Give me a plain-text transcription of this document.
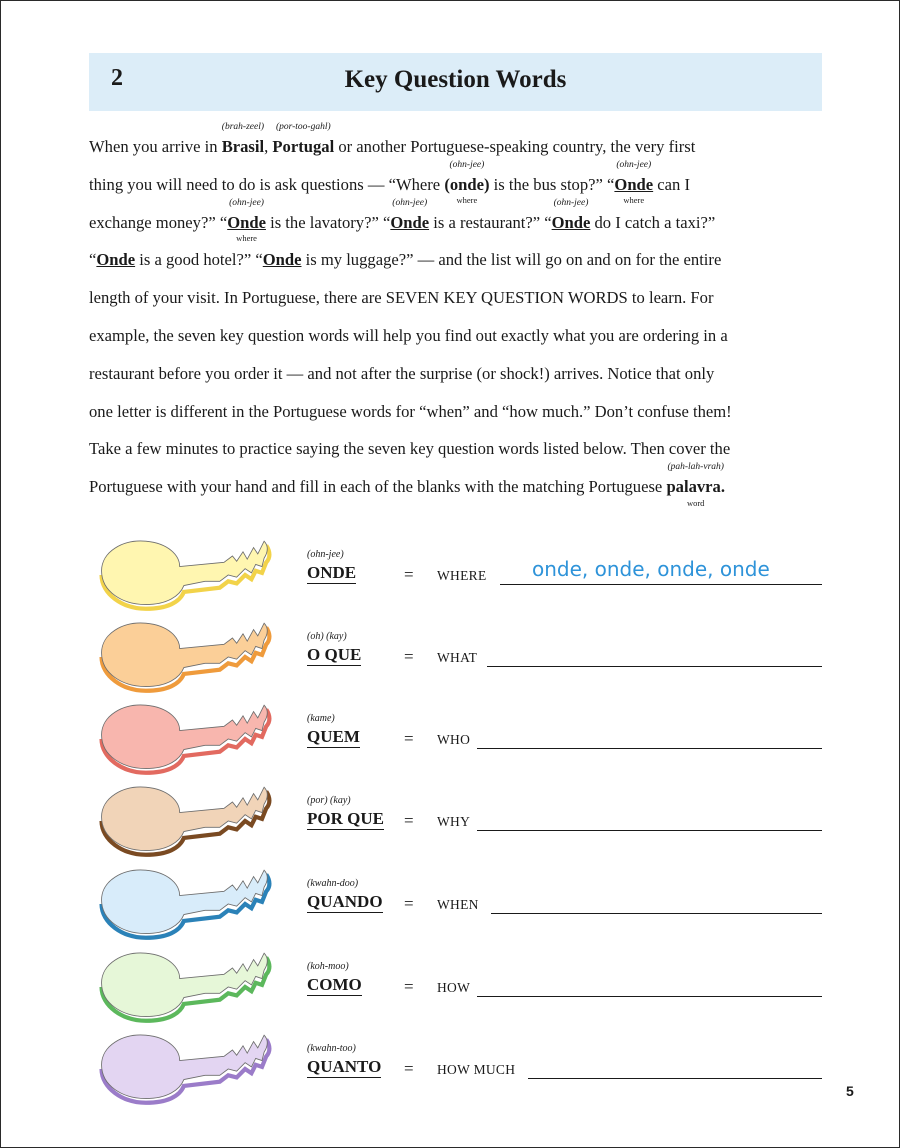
2	Key Question Words
When you arrive in
(brah-zeel)
Brasil,
(por-too-gahl)
Portugal or another Portuguese-speaking country, the very first
thing you will need to do is ask questions — “Where
(ohn-jee)
(onde)
where
is the bus stop?” “
(ohn-jee)
Onde
where
can I
exchange money?” “
(ohn-jee)
Onde
where
is the lavatory?” “
(ohn-jee)
Onde is a restaurant?” “
(ohn-jee)
Onde do I catch a taxi?”
“Onde is a good hotel?” “Onde is my luggage?” — and the list will go on and on for the entire
length of your visit. In Portuguese, there are SEVEN KEY QUESTION WORDS to learn. For
example, the seven key question words will help you find out exactly what you are ordering in a
restaurant before you order it — and not after the surprise (or shock!) arrives. Notice that only
one letter is different in the Portuguese words for “when” and “how much.” Don’t confuse them!
Take a few minutes to practice saying the seven key question words listed below. Then cover the
Portuguese with your hand and fill in each of the blanks with the matching Portuguese
(pah-lah-vrah)
palavra.
word
(ohn-jee)
ONDE	= WHERE onde, onde, onde, onde
(oh) (kay)
O QUE	= WHAT
(kame)
QUEM	= WHO
(por) (kay)
POR QUE = WHY
(kwahn-doo)
QUANDO = WHEN
(koh-moo)
COMO = HOW
(kwahn-too)
QUANTO = HOW MUCH
5
